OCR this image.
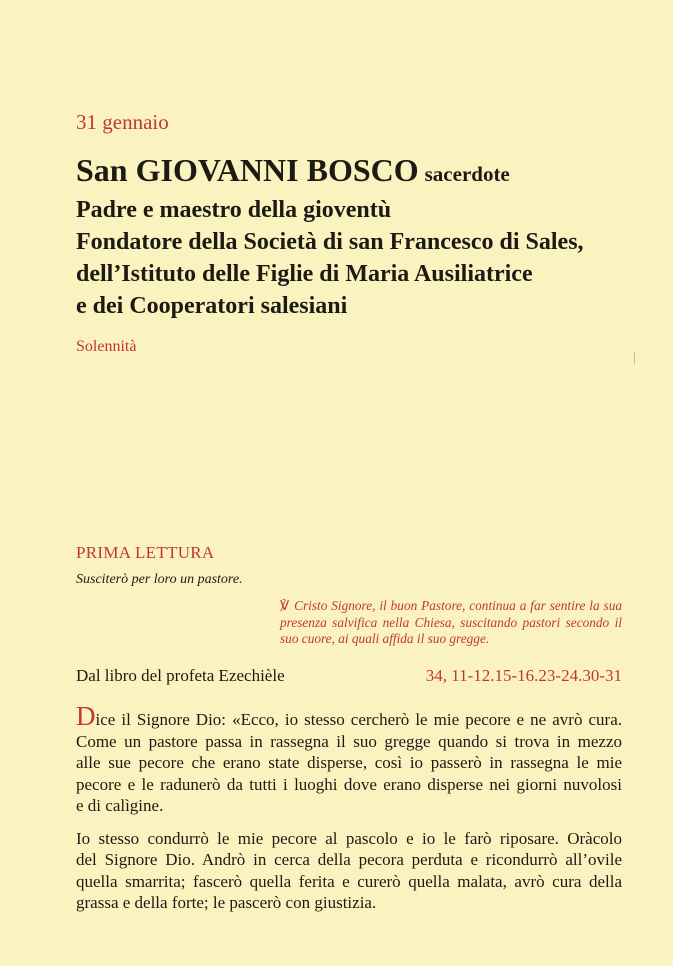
31 gennaio
San GIOVANNI BOSCO sacerdote
Padre e maestro della gioventù
Fondatore della Società di san Francesco di Sales,
dell’Istituto delle Figlie di Maria Ausiliatrice
e dei Cooperatori salesiani
Solennità
PRIMA LETTURA
Susciterò per loro un pastore.
℣ Cristo Signore, il buon Pastore, continua a far sentire la sua presenza salvifica nella Chiesa, suscitando pastori secondo il suo cuore, ai quali affida il suo gregge.
Dal libro del profeta Ezechièle	34, 11-12.15-16.23-24.30-31
Dice il Signore Dio: «Ecco, io stesso cercherò le mie pecore e ne avrò cura.
Come un pastore passa in rassegna il suo gregge quando si trova in mezzo
alle sue pecore che erano state disperse, così io passerò in rassegna le mie
pecore e le radunerò da tutti i luoghi dove erano disperse nei giorni nuvolosi
e di calìgine.
Io stesso condurrò le mie pecore al pascolo e io le farò riposare. Oràcolo
del Signore Dio. Andrò in cerca della pecora perduta e ricondurrò all’ovile
quella smarrita; fascerò quella ferita e curerò quella malata, avrò cura della
grassa e della forte; le pascerò con giustizia.
